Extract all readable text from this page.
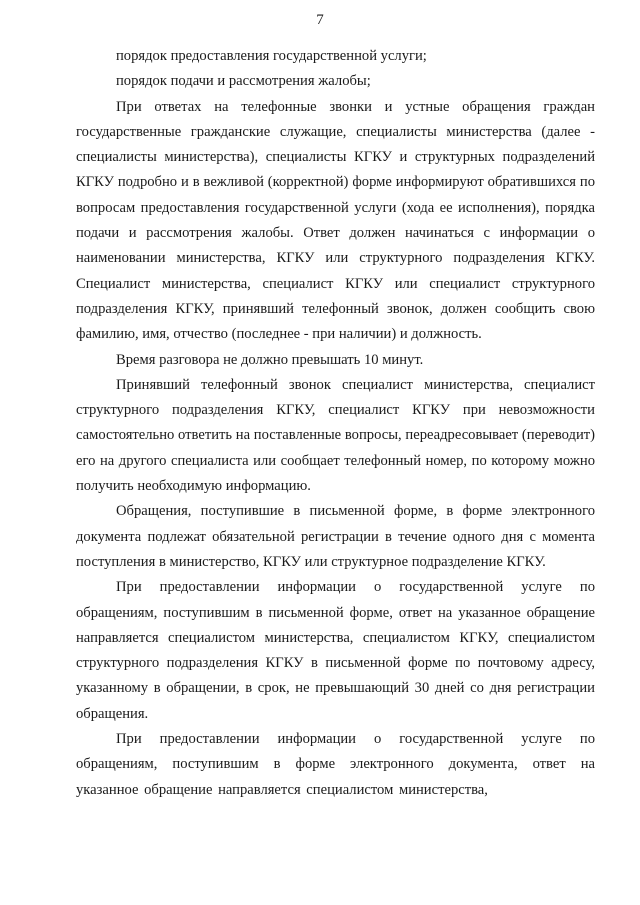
7

порядок предоставления государственной услуги;

порядок подачи и рассмотрения жалобы;

При ответах на телефонные звонки и устные обращения граждан государственные гражданские служащие, специалисты министерства (далее - специалисты министерства), специалисты КГКУ и структурных подразделений КГКУ подробно и в вежливой (корректной) форме информируют обратившихся по вопросам предоставления государственной услуги (хода ее исполнения), порядка подачи и рассмотрения жалобы. Ответ должен начинаться с информации о наименовании министерства, КГКУ или структурного подразделения КГКУ. Специалист министерства, специалист КГКУ или специалист структурного подразделения КГКУ, принявший телефонный звонок, должен сообщить свою фамилию, имя, отчество (последнее - при наличии) и должность.

Время разговора не должно превышать 10 минут.

Принявший телефонный звонок специалист министерства, специалист структурного подразделения КГКУ, специалист КГКУ при невозможности самостоятельно ответить на поставленные вопросы, переадресовывает (переводит) его на другого специалиста или сообщает телефонный номер, по которому можно получить необходимую информацию.

Обращения, поступившие в письменной форме, в форме электронного документа подлежат обязательной регистрации в течение одного дня с момента поступления в министерство, КГКУ или структурное подразделение КГКУ.

При предоставлении информации о государственной услуге по обращениям, поступившим в письменной форме, ответ на указанное обращение направляется специалистом министерства, специалистом КГКУ, специалистом структурного подразделения КГКУ в письменной форме по почтовому адресу, указанному в обращении, в срок, не превышающий 30 дней со дня регистрации обращения.

При предоставлении информации о государственной услуге по обращениям, поступившим в форме электронного документа, ответ на указанное обращение направляется специалистом министерства,
